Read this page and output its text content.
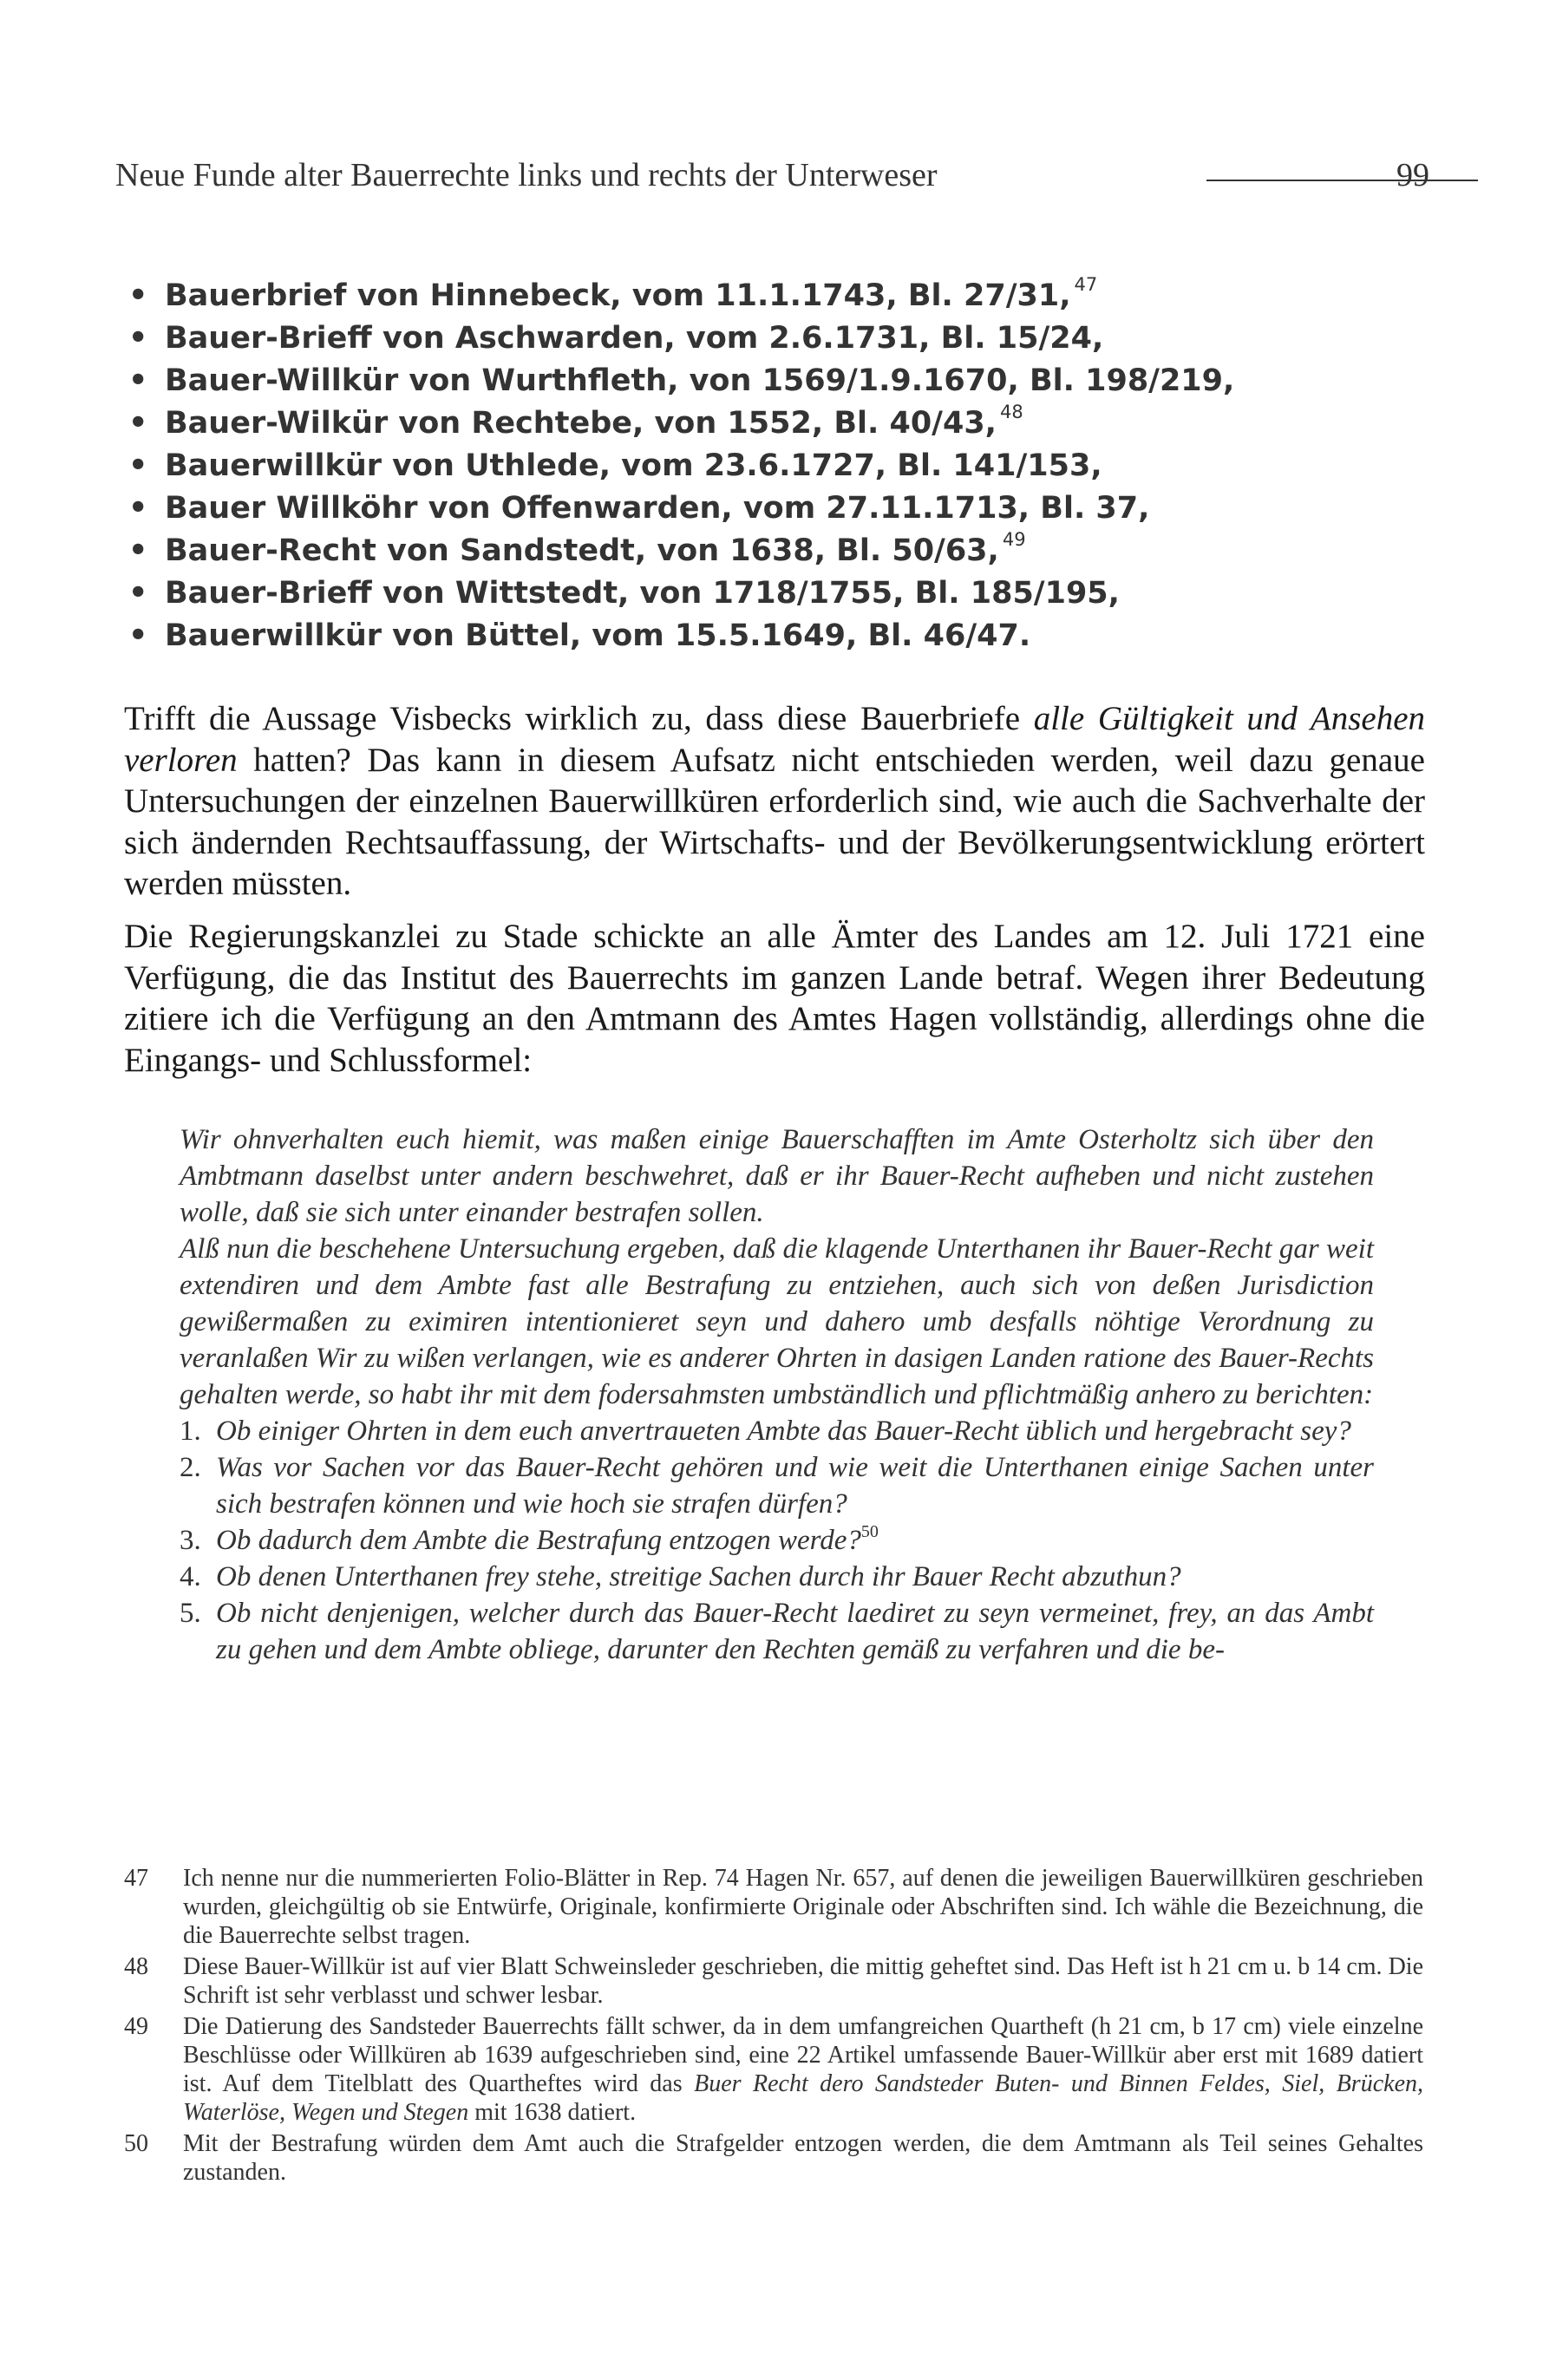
Neue Funde alter Bauerrechte links und rechts der Unterweser	99
• Bauerbrief von Hinnebeck, vom 11.1.1743, Bl. 27/31, $^{47}$
• Bauer-Brieff von Aschwarden, vom 2.6.1731, Bl. 15/24,
• Bauer-Willkür von Wurthfleth, von 1569/1.9.1670, Bl. 198/219,
• Bauer-Wilkür von Rechtebe, von 1552, Bl. 40/43, $^{48}$
• Bauerwillkür von Uthlede, vom 23.6.1727, Bl. 141/153,
• Bauer Willköhr von Offenwarden, vom 27.11.1713, Bl. 37,
• Bauer-Recht von Sandstedt, von 1638, Bl. 50/63, $^{49}$
• Bauer-Brieff von Wittstedt, von 1718/1755, Bl. 185/195,
• Bauerwillkür von Büttel, vom 15.5.1649, Bl. 46/47.

Trifft die Aussage Visbecks wirklich zu, dass diese Bauerbriefe alle Gültigkeit und Ansehen verloren hatten? Das kann in diesem Aufsatz nicht entschieden werden, weil dazu genaue Untersuchungen der einzelnen Bauerwillküren erforderlich sind, wie auch die Sachverhalte der sich ändernden Rechtsauffassung, der Wirtschafts- und der Bevölkerungsentwicklung erörtert werden müssten.

Die Regierungskanzlei zu Stade schickte an alle Ämter des Landes am 12. Juli 1721 eine Verfügung, die das Institut des Bauerrechts im ganzen Lande betraf. Wegen ihrer Bedeutung zitiere ich die Verfügung an den Amtmann des Amtes Hagen vollständig, allerdings ohne die Eingangs- und Schlussformel:

Wir ohnverhalten euch hiemit, was maßen einige Bauerschafften im Amte Osterholtz sich über den Ambtmann daselbst unter andern beschwehret, daß er ihr Bauer-Recht aufheben und nicht zustehen wolle, daß sie sich unter einander bestrafen sollen.

Alß nun die beschehene Untersuchung ergeben, daß die klagende Unterthanen ihr Bauer-Recht gar weit extendiren und dem Ambte fast alle Bestrafung zu entziehen, auch sich von deßen Jurisdiction gewißermaßen zu eximiren intentionieret seyn und dahero umb desfalls nöhtige Verordnung zu veranlaßen Wir zu wißen verlangen, wie es anderer Ohrten in dasigen Landen ratione des Bauer-Rechts gehalten werde, so habt ihr mit dem fodersahmsten umbständlich und pflichtmäßig anhero zu berichten:

1. Ob einiger Ohrten in dem euch anvertraueten Ambte das Bauer-Recht üblich und hergebracht sey?
2. Was vor Sachen vor das Bauer-Recht gehören und wie weit die Unterthanen einige Sachen unter sich bestrafen können und wie hoch sie strafen dürfen?
3. Ob dadurch dem Ambte die Bestrafung entzogen werde?$^{50}$
4. Ob denen Unterthanen frey stehe, streitige Sachen durch ihr Bauer Recht abzuthun?
5. Ob nicht denjenigen, welcher durch das Bauer-Recht laediret zu seyn vermeinet, frey, an das Ambt zu gehen und dem Ambte obliege, darunter den Rechten gemäß zu verfahren und die be-
47 Ich nenne nur die nummerierten Folio-Blätter in Rep. 74 Hagen Nr. 657, auf denen die jeweiligen Bauerwillküren geschrieben wurden, gleichgültig ob sie Entwürfe, Originale, konfirmierte Originale oder Abschriften sind. Ich wähle die Bezeichnung, die die Bauerrechte selbst tragen.
48 Diese Bauer-Willkür ist auf vier Blatt Schweinsleder geschrieben, die mittig geheftet sind. Das Heft ist h 21 cm u. b 14 cm. Die Schrift ist sehr verblasst und schwer lesbar.
49 Die Datierung des Sandsteder Bauerrechts fällt schwer, da in dem umfangreichen Quartheft (h 21 cm, b 17 cm) viele einzelne Beschlüsse oder Willküren ab 1639 aufgeschrieben sind, eine 22 Artikel umfassende Bauer-Willkür aber erst mit 1689 datiert ist. Auf dem Titelblatt des Quartheftes wird das Buer Recht dero Sandsteder Buten- und Binnen Feldes, Siel, Brücken, Waterlöse, Wegen und Stegen mit 1638 datiert.
50 Mit der Bestrafung würden dem Amt auch die Strafgelder entzogen werden, die dem Amtmann als Teil seines Gehaltes zustanden.
